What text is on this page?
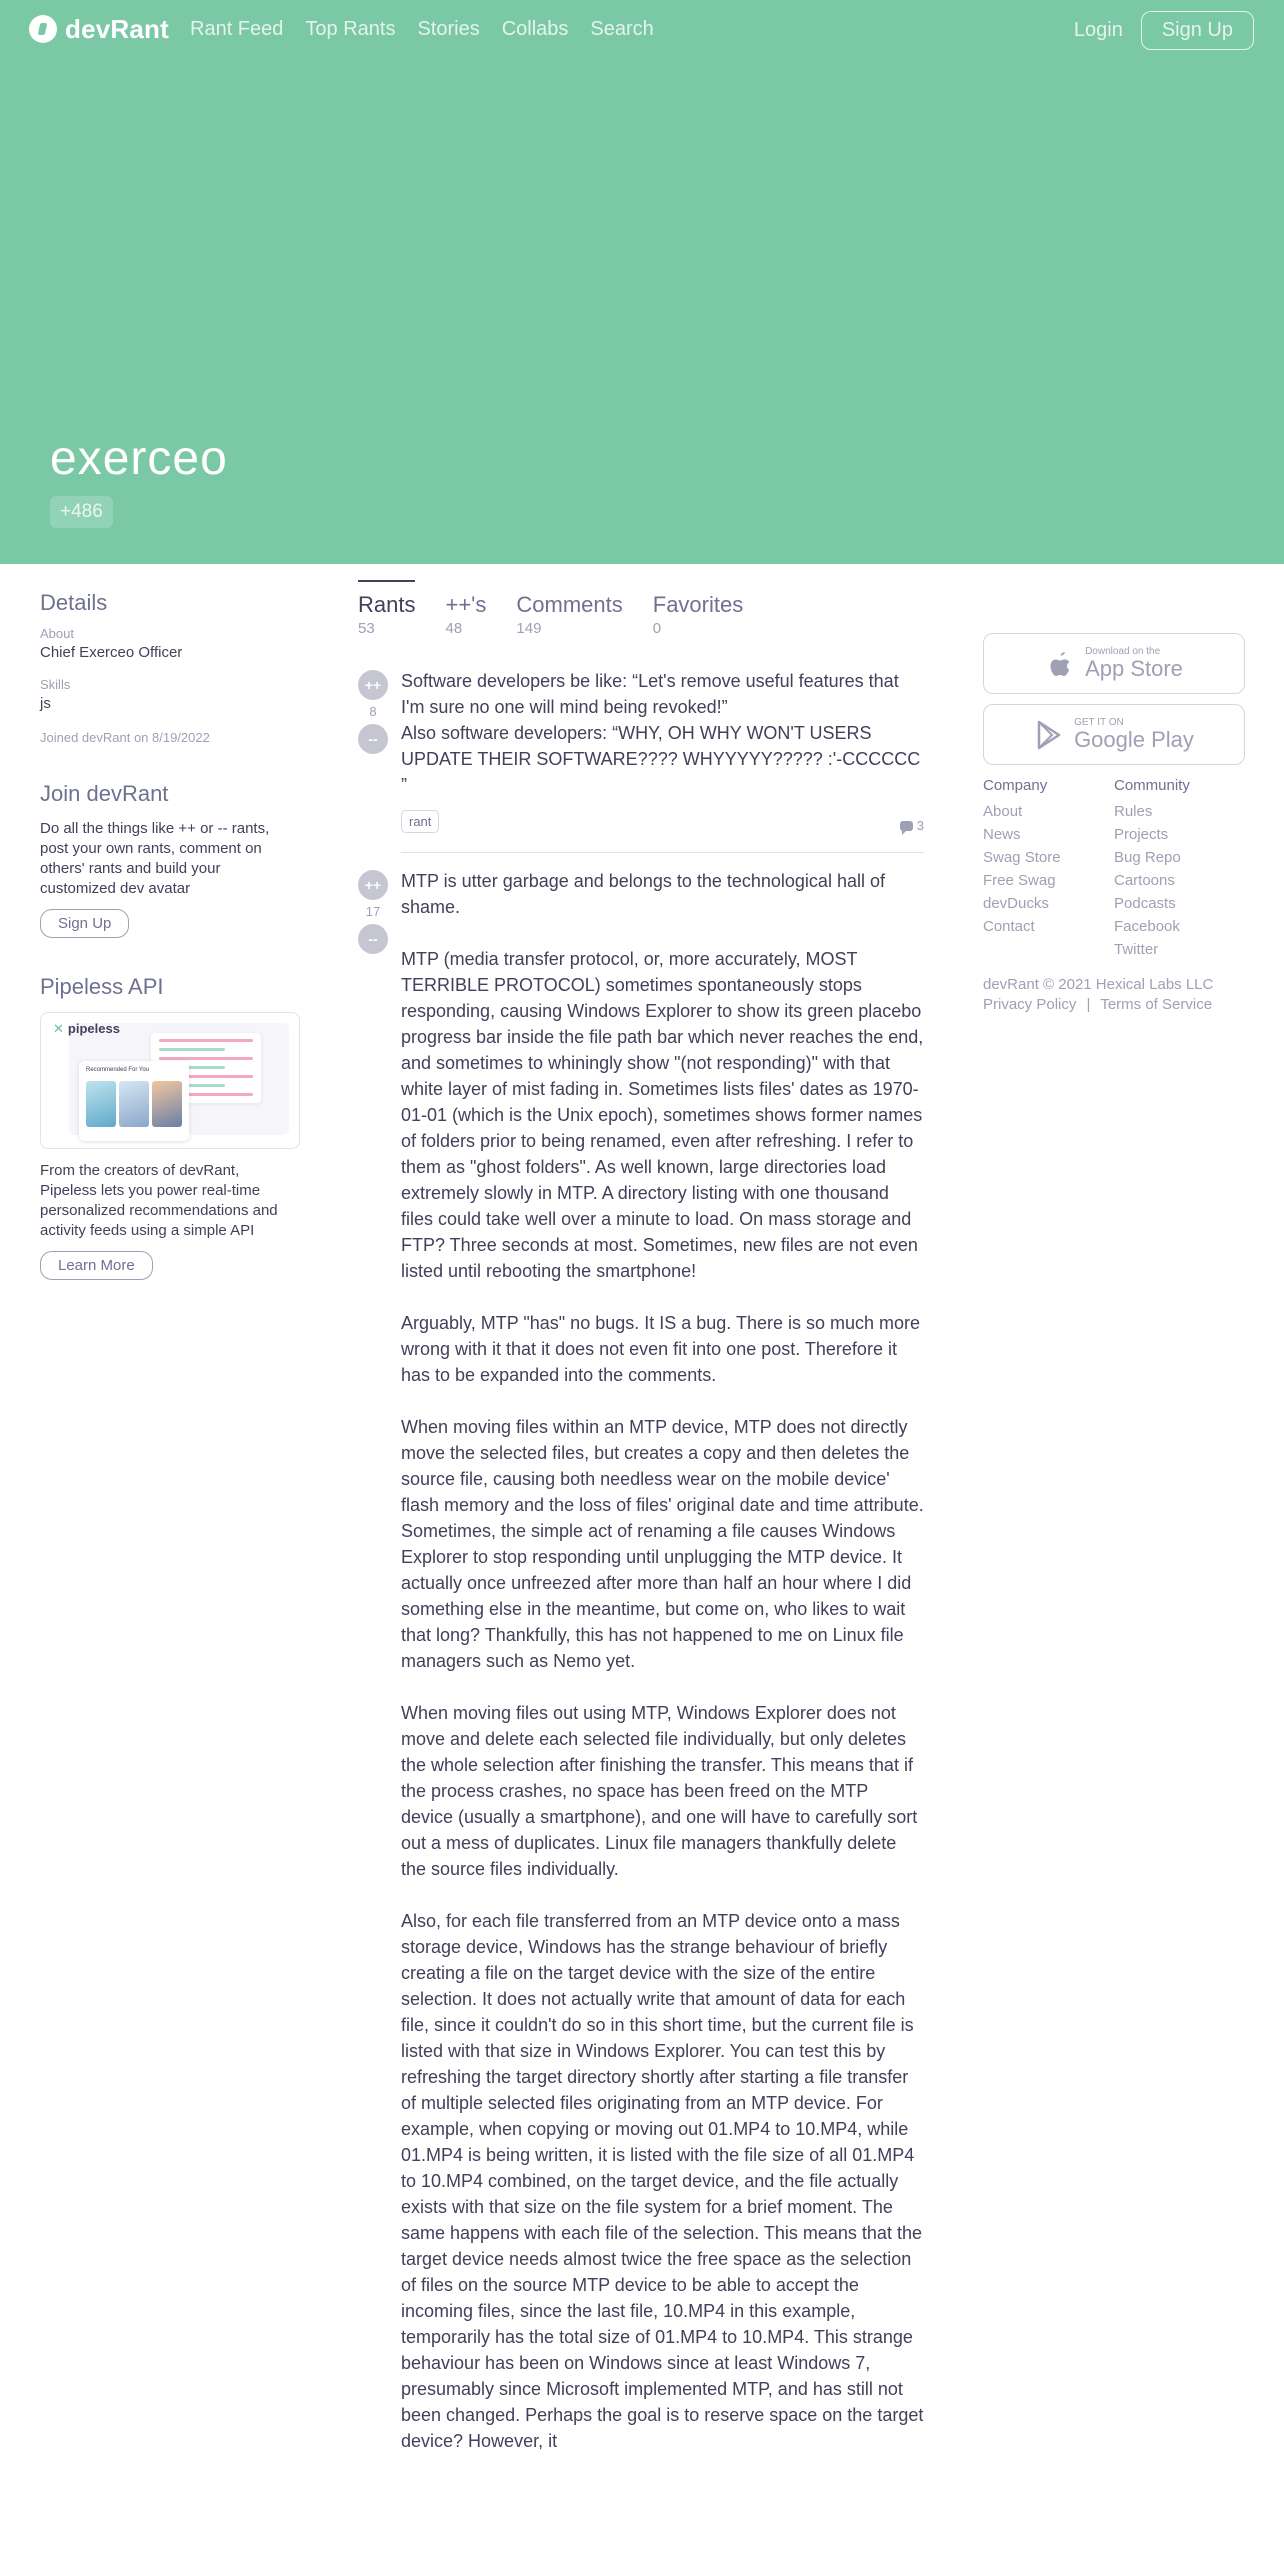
devRant Rant Feed Top Rants Stories Collabs Search	Login	Sign Up
exerceo
+486
Details
About
Chief Exerceo Officer
Skills
js
Joined devRant on 8/19/2022
Join devRant
Do all the things like ++ or -- rants, post your own rants, comment on others' rants and build your customized dev avatar
Sign Up
Pipeless API
✕ pipeless
Recommended For You
From the creators of devRant, Pipeless lets you power real-time personalized recommendations and activity feeds using a simple API
Learn More
Rants
53
++'s
48
Comments
149
Favorites
0
++
8
--

Software developers be like: “Let's remove useful features that I'm sure no one will mind being revoked!”

Also software developers: “WHY, OH WHY WON'T USERS UPDATE THEIR SOFTWARE???? WHYYYYY????? :'-CCCCCC ”

rant	3
++
17
--

MTP is utter garbage and belongs to the technological hall of shame.

MTP (media transfer protocol, or, more accurately, MOST TERRIBLE PROTOCOL) sometimes spontaneously stops responding, causing Windows Explorer to show its green placebo progress bar inside the file path bar which never reaches the end, and sometimes to whiningly show "(not responding)" with that white layer of mist fading in. Sometimes lists files' dates as 1970-01-01 (which is the Unix epoch), sometimes shows former names of folders prior to being renamed, even after refreshing. I refer to them as "ghost folders". As well known, large directories load extremely slowly in MTP. A directory listing with one thousand files could take well over a minute to load. On mass storage and FTP? Three seconds at most. Sometimes, new files are not even listed until rebooting the smartphone!

Arguably, MTP "has" no bugs. It IS a bug. There is so much more wrong with it that it does not even fit into one post. Therefore it has to be expanded into the comments.

When moving files within an MTP device, MTP does not directly move the selected files, but creates a copy and then deletes the source file, causing both needless wear on the mobile device' flash memory and the loss of files' original date and time attribute. Sometimes, the simple act of renaming a file causes Windows Explorer to stop responding until unplugging the MTP device. It actually once unfreezed after more than half an hour where I did something else in the meantime, but come on, who likes to wait that long? Thankfully, this has not happened to me on Linux file managers such as Nemo yet.

When moving files out using MTP, Windows Explorer does not move and delete each selected file individually, but only deletes the whole selection after finishing the transfer. This means that if the process crashes, no space has been freed on the MTP device (usually a smartphone), and one will have to carefully sort out a mess of duplicates. Linux file managers thankfully delete the source files individually.

Also, for each file transferred from an MTP device onto a mass storage device, Windows has the strange behaviour of briefly creating a file on the target device with the size of the entire selection. It does not actually write that amount of data for each file, since it couldn't do so in this short time, but the current file is listed with that size in Windows Explorer. You can test this by refreshing the target directory shortly after starting a file transfer of multiple selected files originating from an MTP device. For example, when copying or moving out 01.MP4 to 10.MP4, while 01.MP4 is being written, it is listed with the file size of all 01.MP4 to 10.MP4 combined, on the target device, and the file actually exists with that size on the file system for a brief moment. The same happens with each file of the selection. This means that the target device needs almost twice the free space as the selection of files on the source MTP device to be able to accept the incoming files, since the last file, 10.MP4 in this example, temporarily has the total size of 01.MP4 to 10.MP4. This strange behaviour has been on Windows since at least Windows 7, presumably since Microsoft implemented MTP, and has still not been changed. Perhaps the goal is to reserve space on the target device? However, it

Download on the
App Store
GET IT ON
Google Play
Company
About
News
Swag Store
Free Swag
devDucks
Contact
Community
Rules
Projects
Bug Repo
Cartoons
Podcasts
Facebook
Twitter
devRant © 2021 Hexical Labs LLC
Privacy Policy | Terms of Service
